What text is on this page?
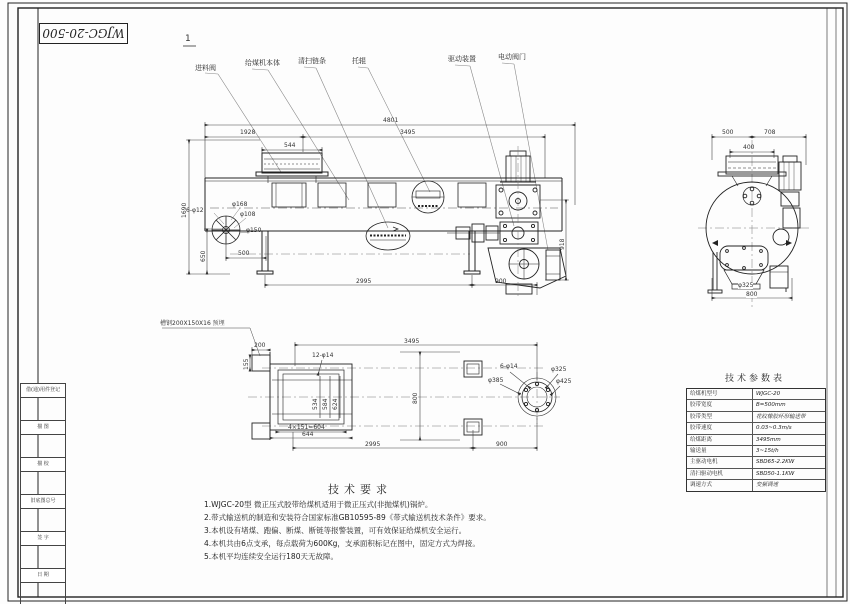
WJGC-20-500	1
进料阀
给煤机本体	清扫链条	托辊	驱动装置	电动阀门
4801
1928	3495
544
1690
650	500
2995	900
918
6-φ12
φ168
φ108
φ150
200
155
12-φ14
534 584 624
800
3495
6-φ14
φ385
φ325
φ425
4×151=604
644
2995	900
槽钢200X150X16 预埋
500	708
400
φ325
800
技术参数表
给煤机型号	WJGC-20
胶带宽度	B=500mm
胶带类型	花纹橡胶环形输送带
胶带速度	0.03~0.3m/s
给煤距离	3495mm
输送量	3~15t/h
主驱动电机	SBD65-2.2KW
清扫驱动电机	SBD50-1.1KW
调速方式	变频调速
技术要求
1.WJGC-20型 微正压式胶带给煤机适用于微正压式(非抛煤机)锅炉。
2.带式输送机的制造和安装符合国家标准GB10595-89《带式输送机技术条件》要求。
3.本机设有堵煤、跑偏、断煤、断链等报警装置，可有效保证给煤机安全运行。
4.本机共由6点支承，每点载荷为600Kg，支承面积标记在图中，固定方式为焊接。
5.本机平均连续安全运行180天无故障。
借(通)用件登记
描 图
描 校
旧底图总号
签 字
日 期
